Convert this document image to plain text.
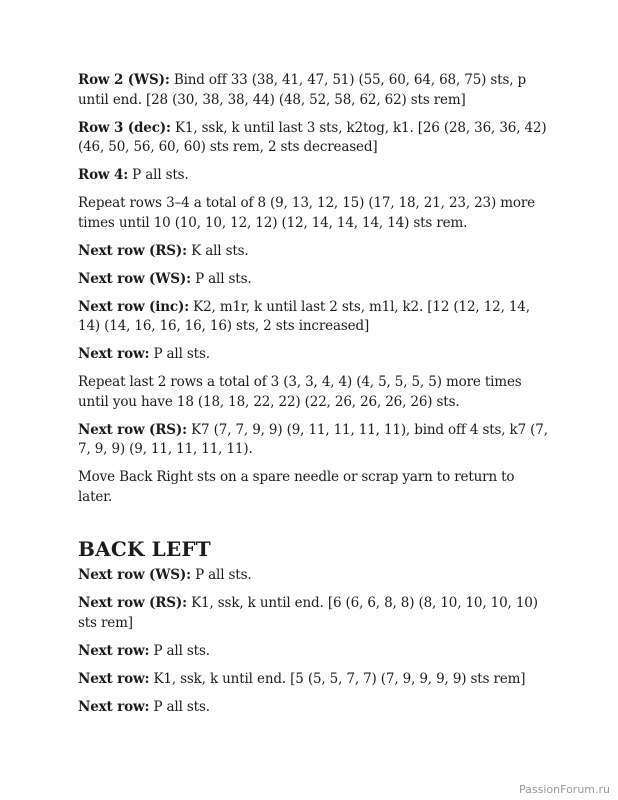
Row 2 (WS): Bind off 33 (38, 41, 47, 51) (55, 60, 64, 68, 75) sts, p until end. [28 (30, 38, 38, 44) (48, 52, 58, 62, 62) sts rem]

Row 3 (dec): K1, ssk, k until last 3 sts, k2tog, k1. [26 (28, 36, 36, 42) (46, 50, 56, 60, 60) sts rem, 2 sts decreased]

Row 4: P all sts.

Repeat rows 3–4 a total of 8 (9, 13, 12, 15) (17, 18, 21, 23, 23) more times until 10 (10, 10, 12, 12) (12, 14, 14, 14, 14) sts rem.

Next row (RS): K all sts.

Next row (WS): P all sts.

Next row (inc): K2, m1r, k until last 2 sts, m1l, k2. [12 (12, 12, 14, 14) (14, 16, 16, 16, 16) sts, 2 sts increased]

Next row: P all sts.

Repeat last 2 rows a total of 3 (3, 3, 4, 4) (4, 5, 5, 5, 5) more times until you have 18 (18, 18, 22, 22) (22, 26, 26, 26, 26) sts.

Next row (RS): K7 (7, 7, 9, 9) (9, 11, 11, 11, 11), bind off 4 sts, k7 (7, 7, 9, 9) (9, 11, 11, 11, 11).

Move Back Right sts on a spare needle or scrap yarn to return to later.

BACK LEFT

Next row (WS): P all sts.

Next row (RS): K1, ssk, k until end. [6 (6, 6, 8, 8) (8, 10, 10, 10, 10) sts rem]

Next row: P all sts.

Next row: K1, ssk, k until end. [5 (5, 5, 7, 7) (7, 9, 9, 9, 9) sts rem]

Next row: P all sts.

PassionForum.ru
